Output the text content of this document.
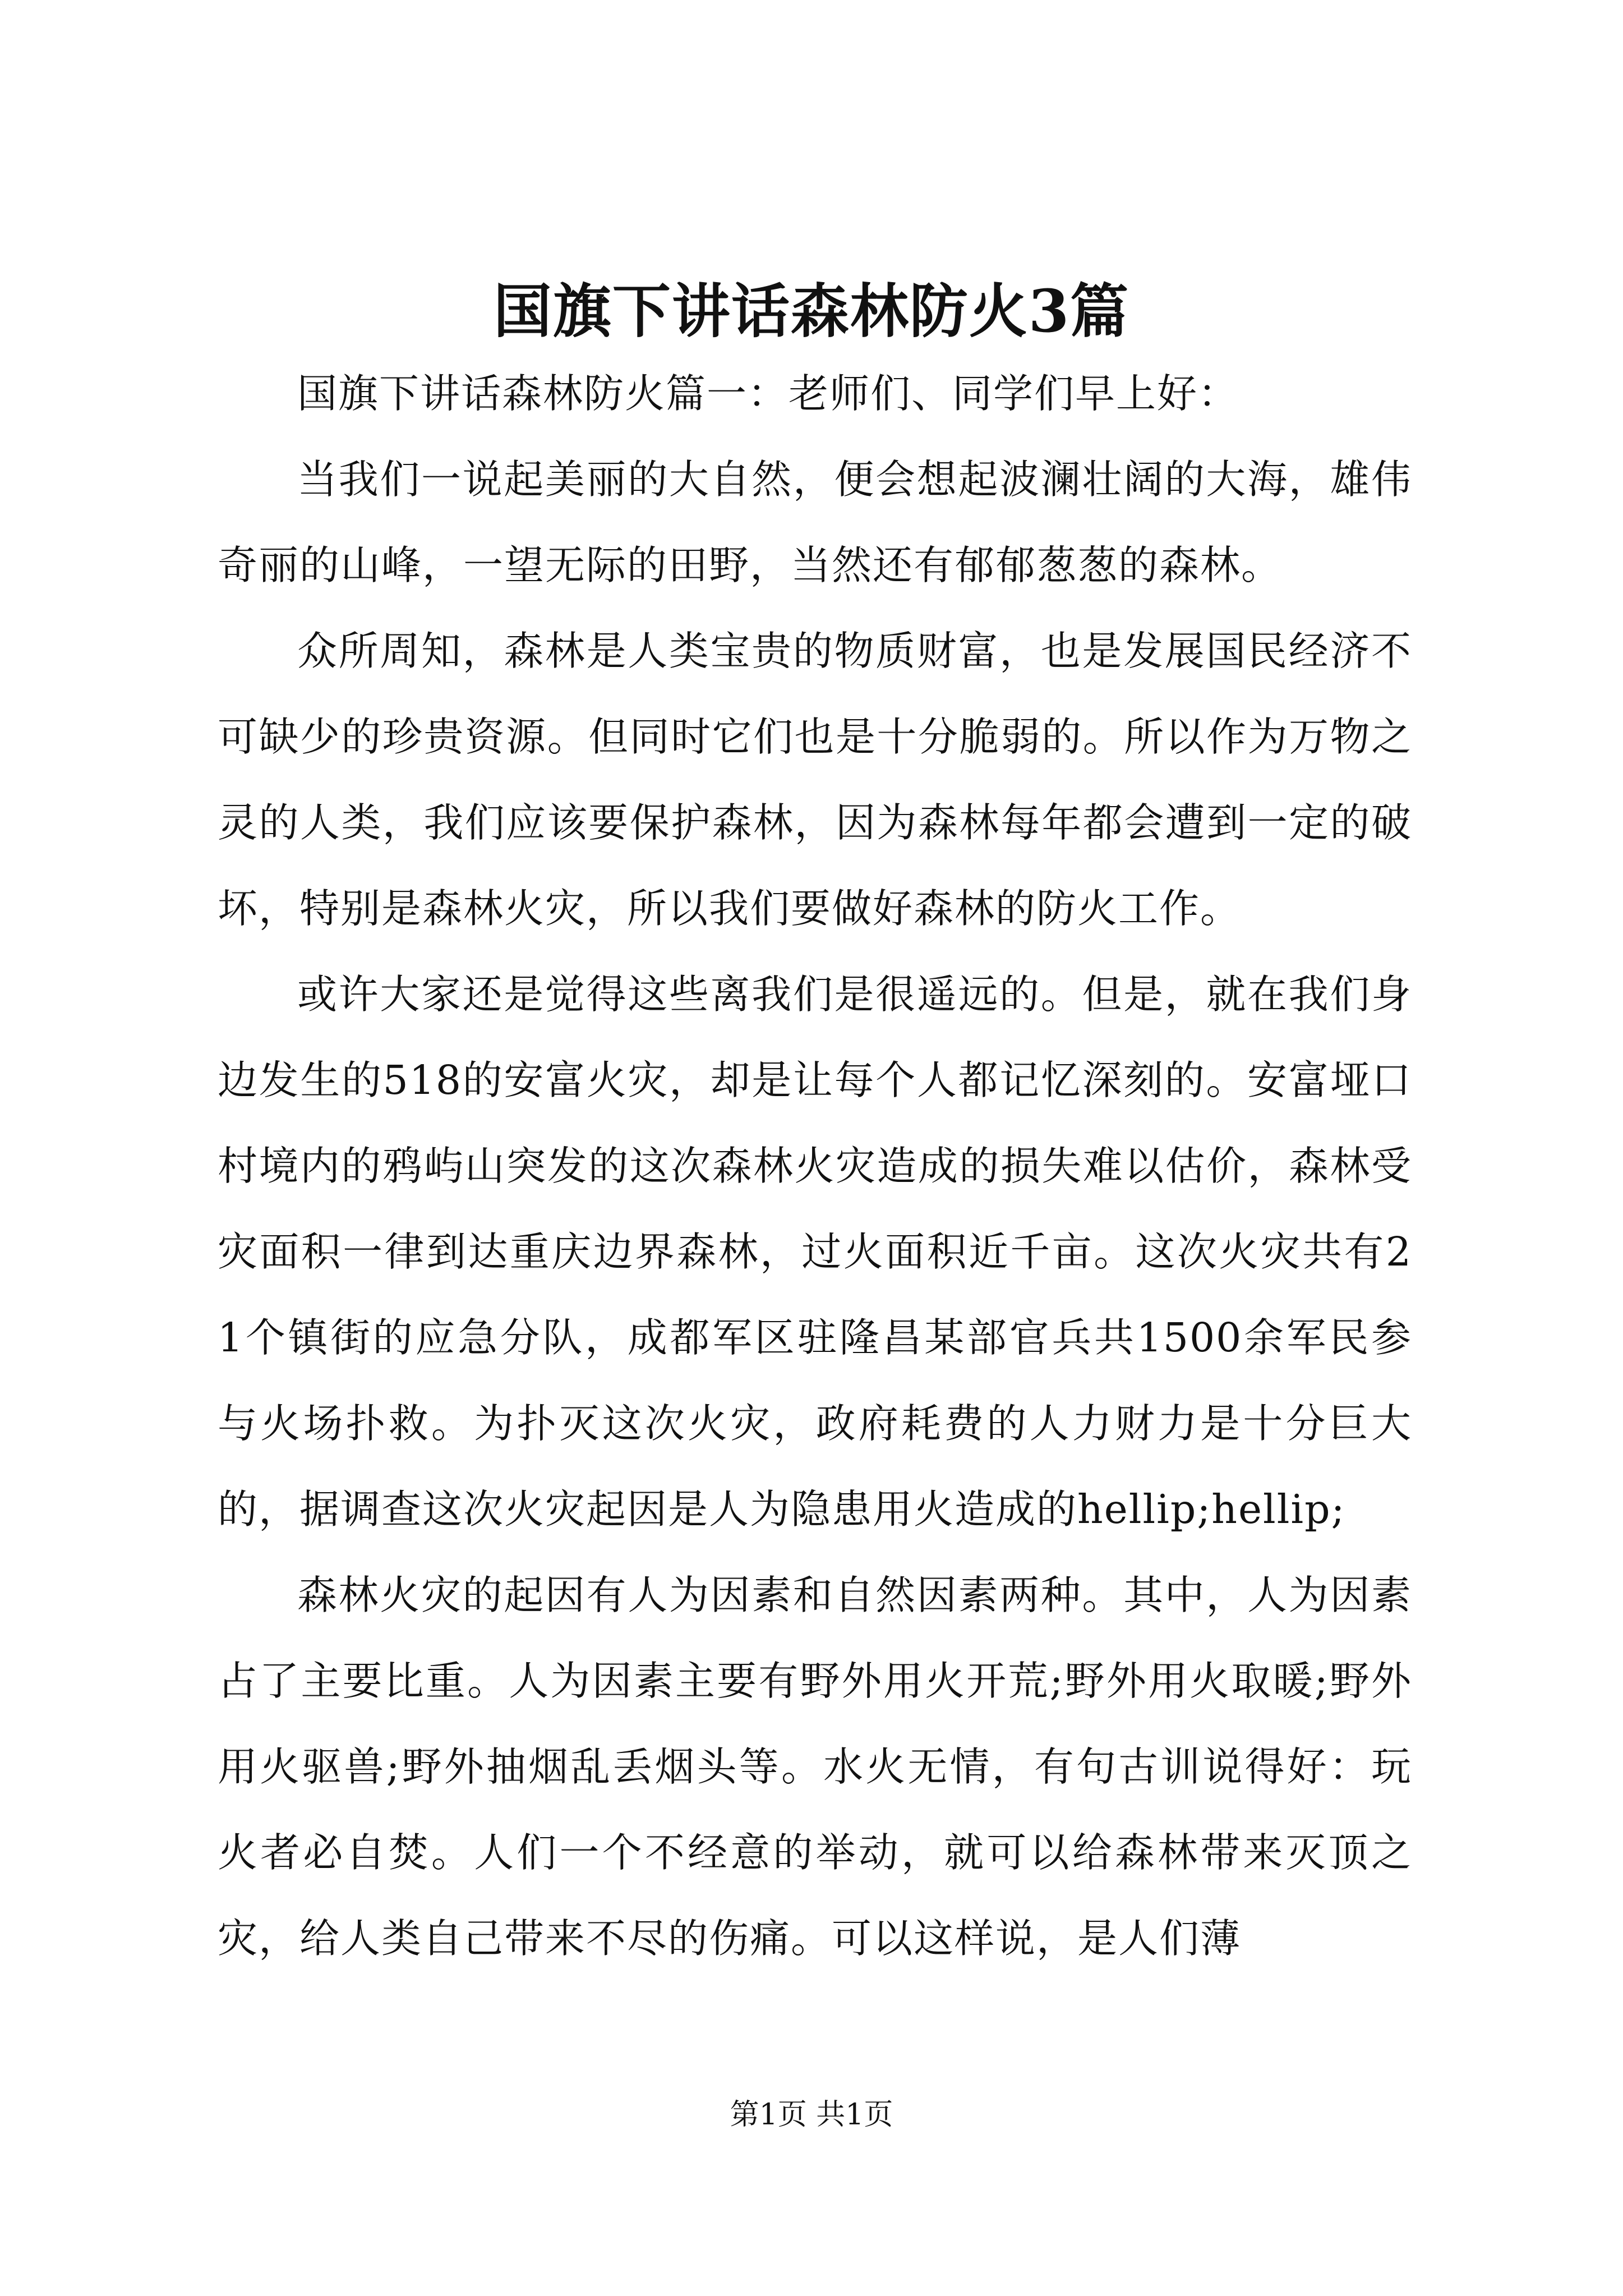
国旗下讲话森林防火3篇

国旗下讲话森林防火篇一：老师们、同学们早上好：

当我们一说起美丽的大自然，便会想起波澜壮阔的大海，雄伟奇丽的山峰，一望无际的田野，当然还有郁郁葱葱的森林。

众所周知，森林是人类宝贵的物质财富，也是发展国民经济不可缺少的珍贵资源。但同时它们也是十分脆弱的。所以作为万物之灵的人类，我们应该要保护森林，因为森林每年都会遭到一定的破坏，特别是森林火灾，所以我们要做好森林的防火工作。

或许大家还是觉得这些离我们是很遥远的。但是，就在我们身边发生的518的安富火灾，却是让每个人都记忆深刻的。安富垭口村境内的鸦屿山突发的这次森林火灾造成的损失难以估价，森林受灾面积一律到达重庆边界森林，过火面积近千亩。这次火灾共有21个镇街的应急分队，成都军区驻隆昌某部官兵共1500余军民参与火场扑救。为扑灭这次火灾，政府耗费的人力财力是十分巨大的，据调查这次火灾起因是人为隐患用火造成的hellip;hellip;

森林火灾的起因有人为因素和自然因素两种。其中，人为因素占了主要比重。人为因素主要有野外用火开荒;野外用火取暖;野外用火驱兽;野外抽烟乱丢烟头等。水火无情，有句古训说得好：玩火者必自焚。人们一个不经意的举动，就可以给森林带来灭顶之灾，给人类自己带来不尽的伤痛。可以这样说，是人们薄

第1页 共1页
